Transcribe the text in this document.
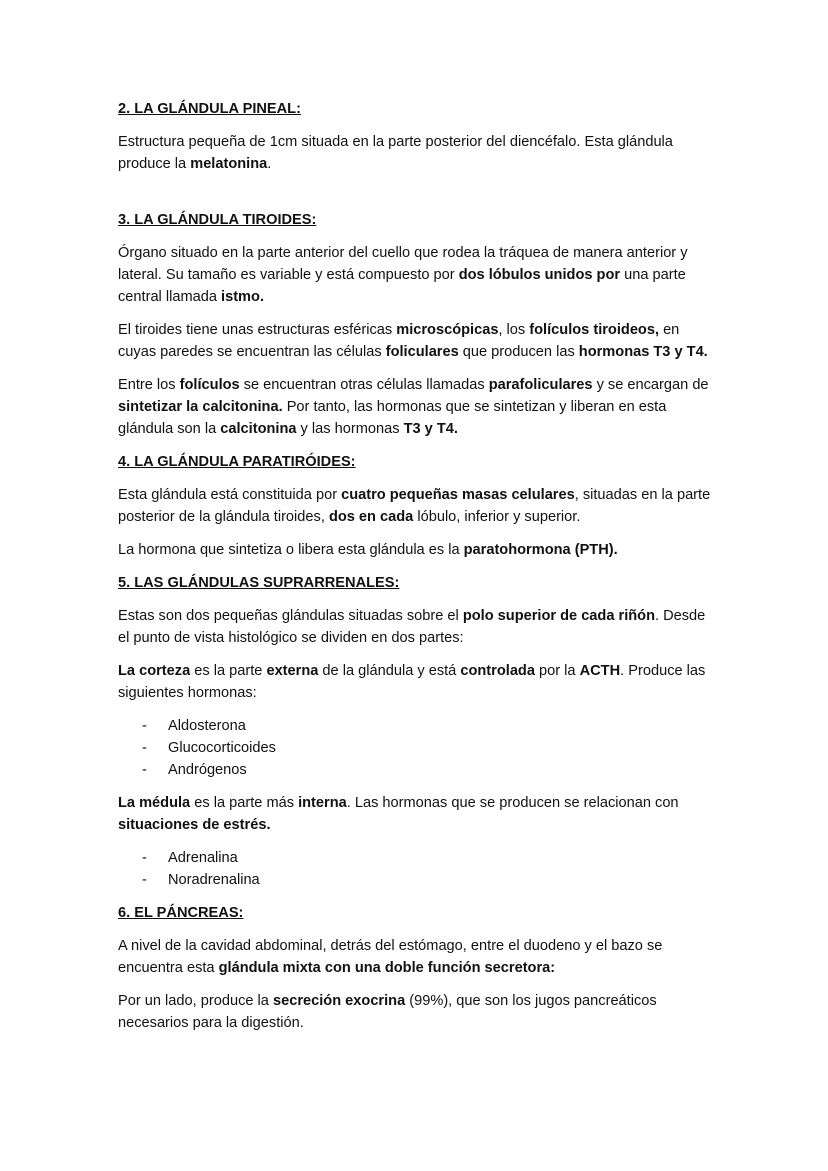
2. LA GLÁNDULA PINEAL:

Estructura pequeña de 1cm situada en la parte posterior del diencéfalo. Esta glándula produce la melatonina.

3. LA GLÁNDULA TIROIDES:

Órgano situado en la parte anterior del cuello que rodea la tráquea de manera anterior y lateral. Su tamaño es variable y está compuesto por dos lóbulos unidos por una parte central llamada istmo.

El tiroides tiene unas estructuras esféricas microscópicas, los folículos tiroideos, en cuyas paredes se encuentran las células foliculares que producen las hormonas T3 y T4.

Entre los folículos se encuentran otras células llamadas parafoliculares y se encargan de sintetizar la calcitonina. Por tanto, las hormonas que se sintetizan y liberan en esta glándula son la calcitonina y las hormonas T3 y T4.

4. LA GLÁNDULA PARATIRÓIDES:

Esta glándula está constituida por cuatro pequeñas masas celulares, situadas en la parte posterior de la glándula tiroides, dos en cada lóbulo, inferior y superior.

La hormona que sintetiza o libera esta glándula es la paratohormona (PTH).

5. LAS GLÁNDULAS SUPRARRENALES:

Estas son dos pequeñas glándulas situadas sobre el polo superior de cada riñón. Desde el punto de vista histológico se dividen en dos partes:

La corteza es la parte externa de la glándula y está controlada por la ACTH. Produce las siguientes hormonas:

- Aldosterona
- Glucocorticoides
- Andrógenos

La médula es la parte más interna. Las hormonas que se producen se relacionan con situaciones de estrés.

- Adrenalina
- Noradrenalina
6. EL PÁNCREAS:

A nivel de la cavidad abdominal, detrás del estómago, entre el duodeno y el bazo se encuentra esta glándula mixta con una doble función secretora:

Por un lado, produce la secreción exocrina (99%), que son los jugos pancreáticos necesarios para la digestión.
